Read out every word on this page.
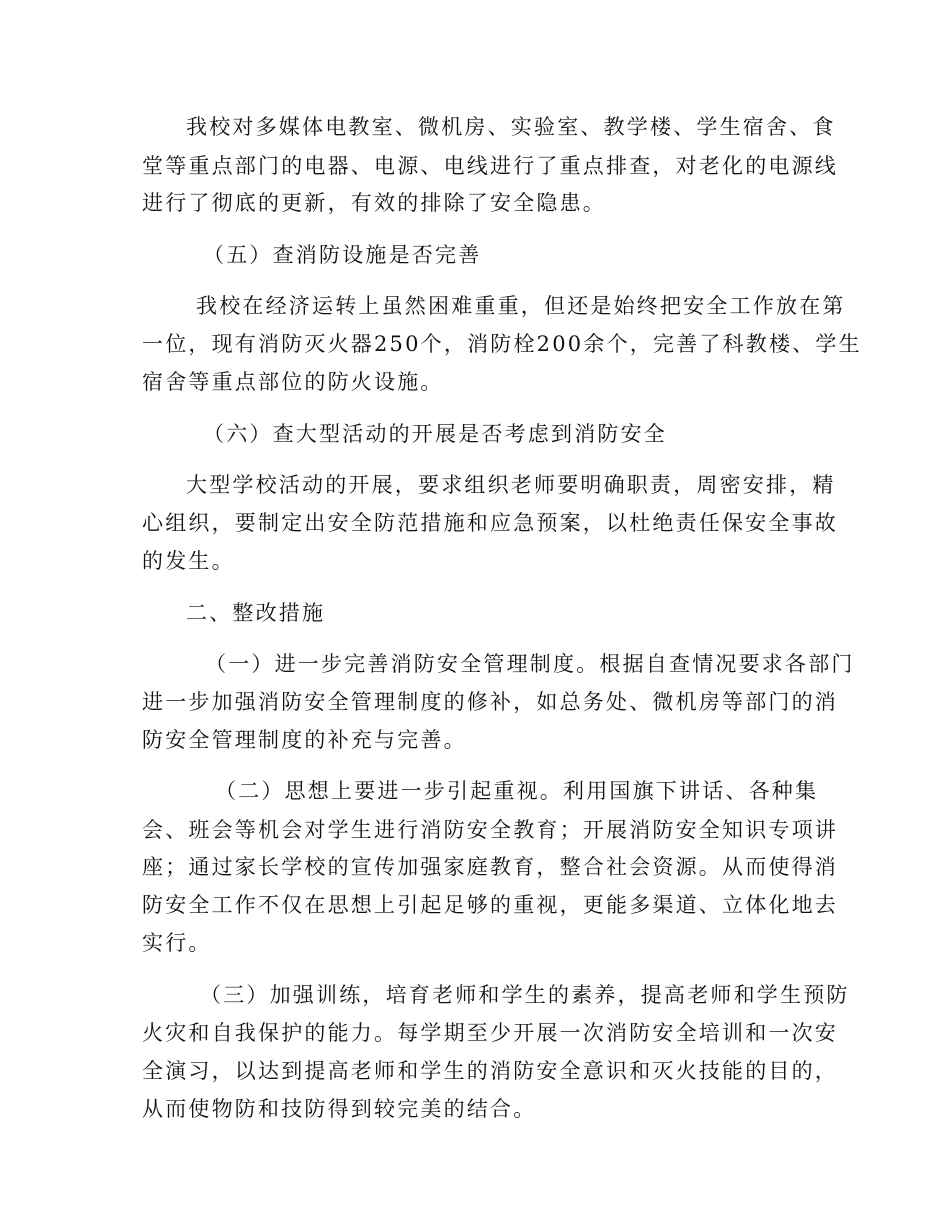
我校对多媒体电教室、微机房、实验室、教学楼、学生宿舍、食
堂等重点部门的电器、电源、电线进行了重点排查，对老化的电源线
进行了彻底的更新，有效的排除了安全隐患。
（五）查消防设施是否完善
我校在经济运转上虽然困难重重，但还是始终把安全工作放在第
一位，现有消防灭火器250个，消防栓200余个，完善了科教楼、学生
宿舍等重点部位的防火设施。
（六）查大型活动的开展是否考虑到消防安全
大型学校活动的开展，要求组织老师要明确职责，周密安排，精
心组织，要制定出安全防范措施和应急预案，以杜绝责任保安全事故
的发生。
二、整改措施
（一）进一步完善消防安全管理制度。根据自查情况要求各部门
进一步加强消防安全管理制度的修补，如总务处、微机房等部门的消
防安全管理制度的补充与完善。
（二）思想上要进一步引起重视。利用国旗下讲话、各种集
会、班会等机会对学生进行消防安全教育；开展消防安全知识专项讲
座；通过家长学校的宣传加强家庭教育，整合社会资源。从而使得消
防安全工作不仅在思想上引起足够的重视，更能多渠道、立体化地去
实行。
（三）加强训练，培育老师和学生的素养，提高老师和学生预防
火灾和自我保护的能力。每学期至少开展一次消防安全培训和一次安
全演习，以达到提高老师和学生的消防安全意识和灭火技能的目的，
从而使物防和技防得到较完美的结合。
